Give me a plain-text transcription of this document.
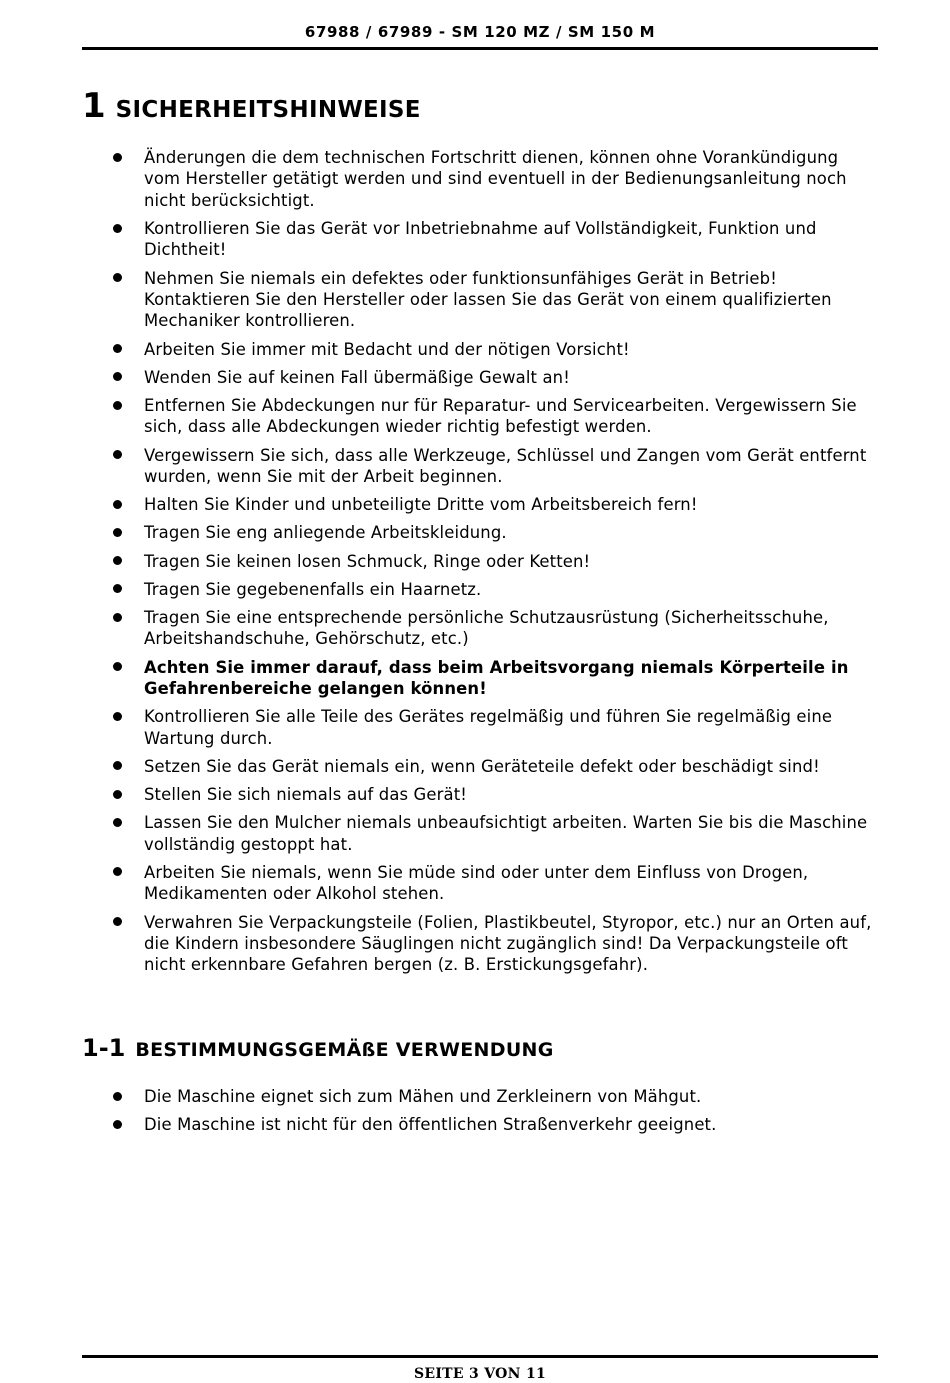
67988 / 67989 - SM 120 MZ / SM 150 M
1 SICHERHEITSHINWEISE
Änderungen die dem technischen Fortschritt dienen, können ohne Vorankündigung vom Hersteller getätigt werden und sind eventuell in der Bedienungsanleitung noch nicht berücksichtigt.
Kontrollieren Sie das Gerät vor Inbetriebnahme auf Vollständigkeit, Funktion und Dichtheit!
Nehmen Sie niemals ein defektes oder funktionsunfähiges Gerät in Betrieb! Kontaktieren Sie den Hersteller oder lassen Sie das Gerät von einem qualifizierten Mechaniker kontrollieren.
Arbeiten Sie immer mit Bedacht und der nötigen Vorsicht!
Wenden Sie auf keinen Fall übermäßige Gewalt an!
Entfernen Sie Abdeckungen nur für Reparatur- und Servicearbeiten. Vergewissern Sie sich, dass alle Abdeckungen wieder richtig befestigt werden.
Vergewissern Sie sich, dass alle Werkzeuge, Schlüssel und Zangen vom Gerät entfernt wurden, wenn Sie mit der Arbeit beginnen.
Halten Sie Kinder und unbeteiligte Dritte vom Arbeitsbereich fern!
Tragen Sie eng anliegende Arbeitskleidung.
Tragen Sie keinen losen Schmuck, Ringe oder Ketten!
Tragen Sie gegebenenfalls ein Haarnetz.
Tragen Sie eine entsprechende persönliche Schutzausrüstung (Sicherheitsschuhe, Arbeitshandschuhe, Gehörschutz, etc.)
Achten Sie immer darauf, dass beim Arbeitsvorgang niemals Körperteile in Gefahrenbereiche gelangen können!
Kontrollieren Sie alle Teile des Gerätes regelmäßig und führen Sie regelmäßig eine Wartung durch.
Setzen Sie das Gerät niemals ein, wenn Geräteteile defekt oder beschädigt sind!
Stellen Sie sich niemals auf das Gerät!
Lassen Sie den Mulcher niemals unbeaufsichtigt arbeiten. Warten Sie bis die Maschine vollständig gestoppt hat.
Arbeiten Sie niemals, wenn Sie müde sind oder unter dem Einfluss von Drogen, Medikamenten oder Alkohol stehen.
Verwahren Sie Verpackungsteile (Folien, Plastikbeutel, Styropor, etc.) nur an Orten auf, die Kindern insbesondere Säuglingen nicht zugänglich sind! Da Verpackungsteile oft nicht erkennbare Gefahren bergen (z. B. Erstickungsgefahr).
1-1 BESTIMMUNGSGEMÄßE VERWENDUNG
Die Maschine eignet sich zum Mähen und Zerkleinern von Mähgut.
Die Maschine ist nicht für den öffentlichen Straßenverkehr geeignet.
SEITE 3 VON 11
